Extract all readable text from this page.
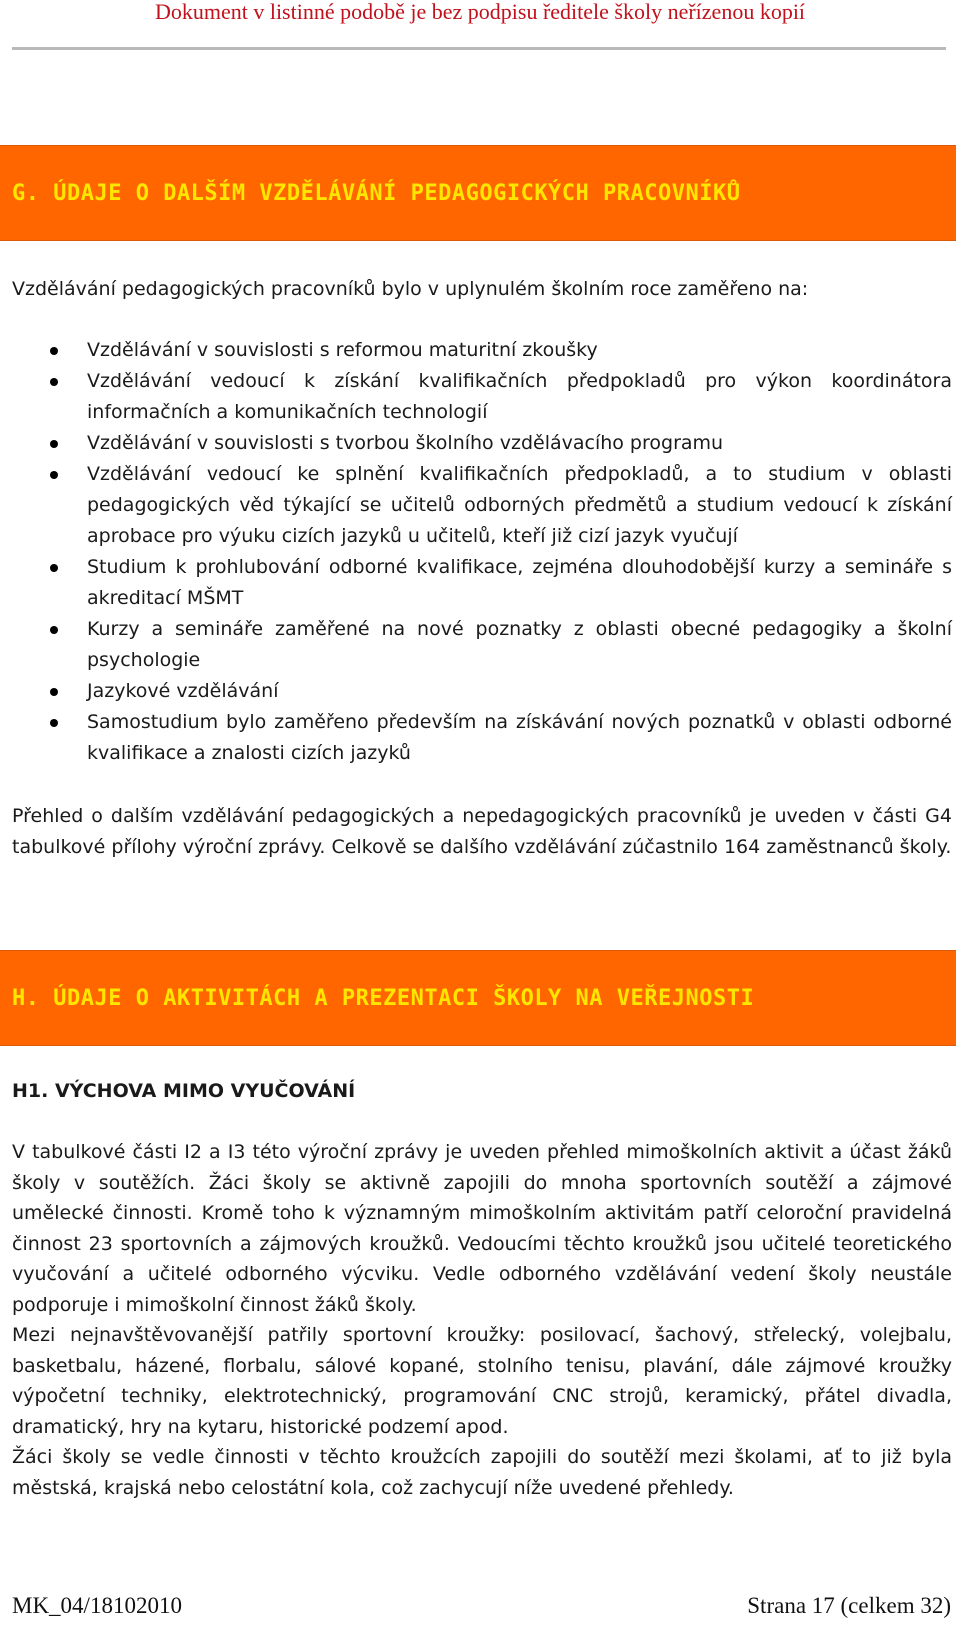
Dokument v listinné podobě je bez podpisu ředitele školy neřízenou kopií
G. ÚDAJE O DALŠÍM VZDĚLÁVÁNÍ PEDAGOGICKÝCH PRACOVNÍKŮ
Vzdělávání pedagogických pracovníků bylo v uplynulém školním roce zaměřeno na:
Vzdělávání v souvislosti s reformou maturitní zkoušky
Vzdělávání vedoucí k získání kvalifikačních předpokladů pro výkon koordinátora informačních a komunikačních technologií
Vzdělávání v souvislosti s tvorbou školního vzdělávacího programu
Vzdělávání vedoucí ke splnění kvalifikačních předpokladů, a to studium v oblasti pedagogických věd týkající se učitelů odborných předmětů a studium vedoucí k získání aprobace pro výuku cizích jazyků u učitelů, kteří již cizí jazyk vyučují
Studium k prohlubování odborné kvalifikace, zejména dlouhodobější kurzy a semináře s akreditací MŠMT
Kurzy a semináře zaměřené na nové poznatky z oblasti obecné pedagogiky a školní psychologie
Jazykové vzdělávání
Samostudium bylo zaměřeno především na získávání nových poznatků v oblasti odborné kvalifikace a znalosti cizích jazyků
Přehled o dalším vzdělávání pedagogických a nepedagogických pracovníků je uveden v části G4 tabulkové přílohy výroční zprávy. Celkově se dalšího vzdělávání zúčastnilo 164 zaměstnanců školy.
H. ÚDAJE O AKTIVITÁCH A PREZENTACI ŠKOLY NA VEŘEJNOSTI
H1. VÝCHOVA MIMO VYUČOVÁNÍ
V tabulkové části I2 a I3 této výroční zprávy je uveden přehled mimoškolních aktivit a účast žáků školy v soutěžích. Žáci školy se aktivně zapojili do mnoha sportovních soutěží a zájmové umělecké činnosti. Kromě toho k významným mimoškolním aktivitám patří celoroční pravidelná činnost 23 sportovních a zájmových kroužků. Vedoucími těchto kroužků jsou učitelé teoretického vyučování a učitelé odborného výcviku. Vedle odborného vzdělávání vedení školy neustále podporuje i mimoškolní činnost žáků školy.
Mezi nejnavštěvovanější patřily sportovní kroužky: posilovací, šachový, střelecký, volejbalu, basketbalu, házené, florbalu, sálové kopané, stolního tenisu, plavání, dále zájmové kroužky výpočetní techniky, elektrotechnický, programování CNC strojů, keramický, přátel divadla, dramatický, hry na kytaru, historické podzemí apod.
Žáci školy se vedle činnosti v těchto kroužcích zapojili do soutěží mezi školami, ať to již byla městská, krajská nebo celostátní kola, což zachycují níže uvedené přehledy.
MK_04/18102010	Strana 17 (celkem 32)
